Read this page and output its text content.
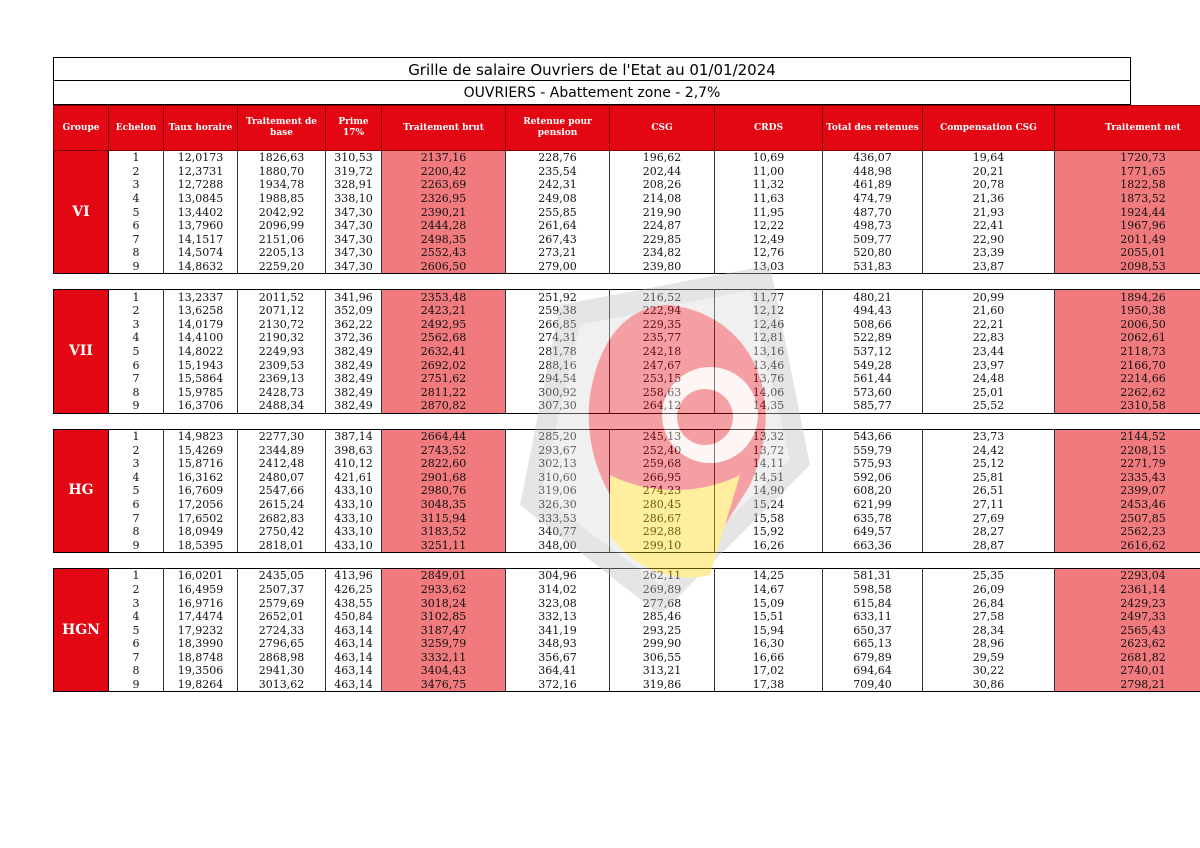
Grille de salaire Ouvriers de l'Etat au 01/01/2024
OUVRIERS - Abattement zone - 2,7%
Groupe	Echelon	Taux horaire	Traitement de base	Prime 17%	Traitement brut	Retenue pour pension	CSG	CRDS	Total des retenues	Compensation CSG	Traitement net
VI	1	12,0173	1826,63	310,53	2137,16	228,76	196,62	10,69	436,07	19,64	1720,73
	2	12,3731	1880,70	319,72	2200,42	235,54	202,44	11,00	448,98	20,21	1771,65
	3	12,7288	1934,78	328,91	2263,69	242,31	208,26	11,32	461,89	20,78	1822,58
	4	13,0845	1988,85	338,10	2326,95	249,08	214,08	11,63	474,79	21,36	1873,52
	5	13,4402	2042,92	347,30	2390,21	255,85	219,90	11,95	487,70	21,93	1924,44
	6	13,7960	2096,99	347,30	2444,28	261,64	224,87	12,22	498,73	22,41	1967,96
	7	14,1517	2151,06	347,30	2498,35	267,43	229,85	12,49	509,77	22,90	2011,49
	8	14,5074	2205,13	347,30	2552,43	273,21	234,82	12,76	520,80	23,39	2055,01
	9	14,8632	2259,20	347,30	2606,50	279,00	239,80	13,03	531,83	23,87	2098,53

VII	1	13,2337	2011,52	341,96	2353,48	251,92	216,52	11,77	480,21	20,99	1894,26
	2	13,6258	2071,12	352,09	2423,21	259,38	222,94	12,12	494,43	21,60	1950,38
	3	14,0179	2130,72	362,22	2492,95	266,85	229,35	12,46	508,66	22,21	2006,50
	4	14,4100	2190,32	372,36	2562,68	274,31	235,77	12,81	522,89	22,83	2062,61
	5	14,8022	2249,93	382,49	2632,41	281,78	242,18	13,16	537,12	23,44	2118,73
	6	15,1943	2309,53	382,49	2692,02	288,16	247,67	13,46	549,28	23,97	2166,70
	7	15,5864	2369,13	382,49	2751,62	294,54	253,15	13,76	561,44	24,48	2214,66
	8	15,9785	2428,73	382,49	2811,22	300,92	258,63	14,06	573,60	25,01	2262,62
	9	16,3706	2488,34	382,49	2870,82	307,30	264,12	14,35	585,77	25,52	2310,58

HG	1	14,9823	2277,30	387,14	2664,44	285,20	245,13	13,32	543,66	23,73	2144,52
	2	15,4269	2344,89	398,63	2743,52	293,67	252,40	13,72	559,79	24,42	2208,15
	3	15,8716	2412,48	410,12	2822,60	302,13	259,68	14,11	575,93	25,12	2271,79
	4	16,3162	2480,07	421,61	2901,68	310,60	266,95	14,51	592,06	25,81	2335,43
	5	16,7609	2547,66	433,10	2980,76	319,06	274,23	14,90	608,20	26,51	2399,07
	6	17,2056	2615,24	433,10	3048,35	326,30	280,45	15,24	621,99	27,11	2453,46
	7	17,6502	2682,83	433,10	3115,94	333,53	286,67	15,58	635,78	27,69	2507,85
	8	18,0949	2750,42	433,10	3183,52	340,77	292,88	15,92	649,57	28,27	2562,23
	9	18,5395	2818,01	433,10	3251,11	348,00	299,10	16,26	663,36	28,87	2616,62

HGN	1	16,0201	2435,05	413,96	2849,01	304,96	262,11	14,25	581,31	25,35	2293,04
	2	16,4959	2507,37	426,25	2933,62	314,02	269,89	14,67	598,58	26,09	2361,14
	3	16,9716	2579,69	438,55	3018,24	323,08	277,68	15,09	615,84	26,84	2429,23
	4	17,4474	2652,01	450,84	3102,85	332,13	285,46	15,51	633,11	27,58	2497,33
	5	17,9232	2724,33	463,14	3187,47	341,19	293,25	15,94	650,37	28,34	2565,43
	6	18,3990	2796,65	463,14	3259,79	348,93	299,90	16,30	665,13	28,96	2623,62
	7	18,8748	2868,98	463,14	3332,11	356,67	306,55	16,66	679,89	29,59	2681,82
	8	19,3506	2941,30	463,14	3404,43	364,41	313,21	17,02	694,64	30,22	2740,01
	9	19,8264	3013,62	463,14	3476,75	372,16	319,86	17,38	709,40	30,86	2798,21
